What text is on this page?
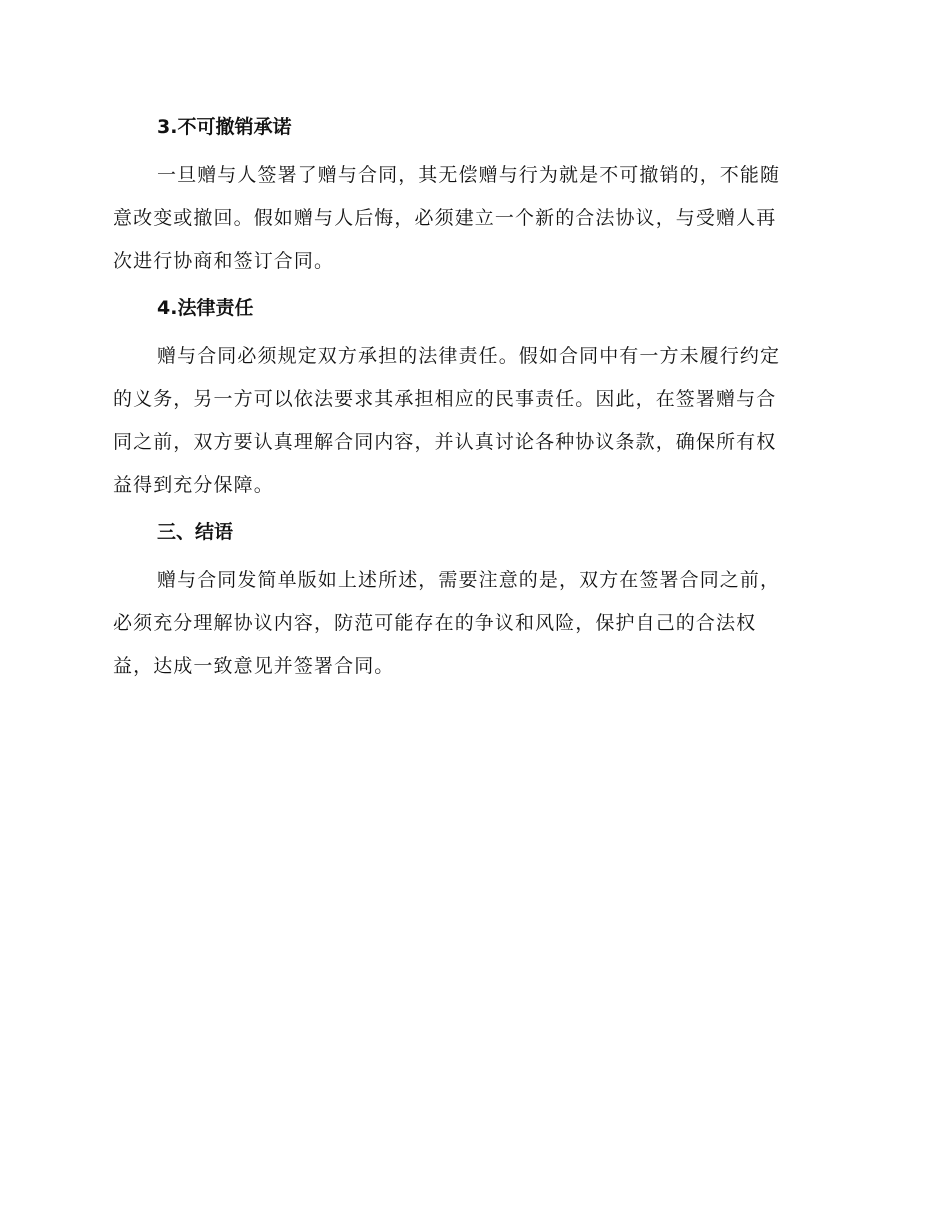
3.不可撤销承诺
一旦赠与人签署了赠与合同，其无偿赠与行为就是不可撤销的，不能随
意改变或撤回。假如赠与人后悔，必须建立一个新的合法协议，与受赠人再
次进行协商和签订合同。
4.法律责任
赠与合同必须规定双方承担的法律责任。假如合同中有一方未履行约定
的义务，另一方可以依法要求其承担相应的民事责任。因此，在签署赠与合
同之前，双方要认真理解合同内容，并认真讨论各种协议条款，确保所有权
益得到充分保障。
三、结语
赠与合同发简单版如上述所述，需要注意的是，双方在签署合同之前，
必须充分理解协议内容，防范可能存在的争议和风险，保护自己的合法权
益，达成一致意见并签署合同。
